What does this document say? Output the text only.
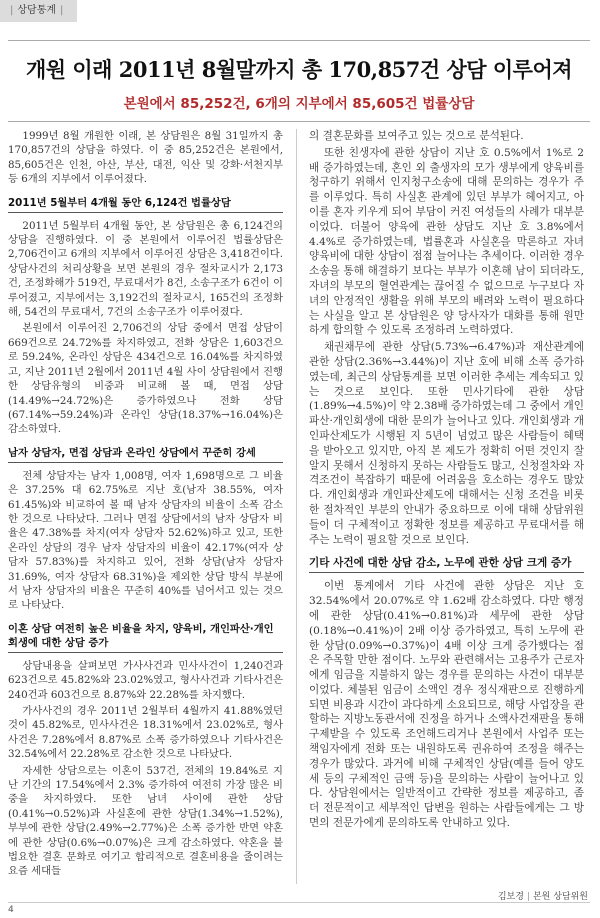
| 상담통계 |
개원 이래 2011년 8월말까지 총 170,857건 상담 이루어져
본원에서 85,252건, 6개의 지부에서 85,605건 법률상담

1999년 8월 개원한 이래, 본 상담원은 8월 31일까지 총 170,857건의 상담을 하였다. 이 중 85,252건은 본원에서, 85,605건은 인천, 아산, 부산, 대전, 익산 및 강화·서천지부 등 6개의 지부에서 이루어졌다.

2011년 5월부터 4개월 동안 6,124건 법률상담

2011년 5월부터 4개월 동안, 본 상담원은 총 6,124건의 상담을 진행하였다. 이 중 본원에서 이루어진 법률상담은 2,706건이고 6개의 지부에서 이루어진 상담은 3,418건이다. 상담사건의 처리상황을 보면 본원의 경우 절차교시가 2,173건, 조정화해가 519건, 무료대서가 8건, 소송구조가 6건이 이루어졌고, 지부에서는 3,192건의 절차교시, 165건의 조정화해, 54건의 무료대서, 7건의 소송구조가 이루어졌다.

본원에서 이루어진 2,706건의 상담 중에서 면접 상담이 669건으로 24.72%를 차지하였고, 전화 상담은 1,603건으로 59.24%, 온라인 상담은 434건으로 16.04%를 차지하였고, 지난 2011년 2월에서 2011년 4월 사이 상담원에서 진행한 상담유형의 비중과 비교해 볼 때, 면접 상담(14.49%→24.72%)은 증가하였으나 전화 상담(67.14%→59.24%)과 온라인 상담(18.37%→16.04%)은 감소하였다.

남자 상담자, 면접 상담과 온라인 상담에서 꾸준히 강세

전체 상담자는 남자 1,008명, 여자 1,698명으로 그 비율은 37.25% 대 62.75%로 지난 호(남자 38.55%, 여자 61.45%)와 비교하여 볼 때 남자 상담자의 비율이 소폭 감소한 것으로 나타났다. 그러나 면접 상담에서의 남자 상담자 비율은 47.38%를 차지(여자 상담자 52.62%)하고 있고, 또한 온라인 상담의 경우 남자 상담자의 비율이 42.17%(여자 상담자 57.83%)를 차지하고 있어, 전화 상담(남자 상담자 31.69%, 여자 상담자 68.31%)을 제외한 상담 방식 부분에서 남자 상담자의 비율은 꾸준히 40%를 넘어서고 있는 것으로 나타났다.

이혼 상담 여전히 높은 비율을 차지, 양육비, 개인파산·개인회생에 대한 상담 증가

상담내용을 살펴보면 가사사건과 민사사건이 1,240건과 623건으로 45.82%와 23.02%였고, 형사사건과 기타사건은 240건과 603건으로 8.87%와 22.28%를 차지했다.

가사사건의 경우 2011년 2월부터 4월까지 41.88%였던 것이 45.82%로, 민사사건은 18.31%에서 23.02%로, 형사사건은 7.28%에서 8.87%로 소폭 증가하였으나 기타사건은 32.54%에서 22.28%로 감소한 것으로 나타났다.

자세한 상담으로는 이혼이 537건, 전체의 19.84%로 지난 기간의 17.54%에서 2.3% 증가하여 여전히 가장 많은 비중을 차지하였다. 또한 남녀 사이에 관한 상담(0.41%→0.52%)과 사실혼에 관한 상담(1.34%→1.52%), 부부에 관한 상담(2.49%→2.77%)은 소폭 증가한 반면 약혼에 관한 상담(0.6%→0.07%)은 크게 감소하였다. 약혼을 불법요한 결혼 문화로 여기고 합리적으로 결혼비용을 줄이려는 요즘 세대들

의 결혼문화를 보여주고 있는 것으로 분석된다.

또한 친생자에 관한 상담이 지난 호 0.5%에서 1%로 2배 증가하였는데, 혼인 외 출생자의 모가 생부에게 양육비를 청구하기 위해서 인지청구소송에 대해 문의하는 경우가 주를 이루었다. 특히 사실혼 관계에 있던 부부가 헤어지고, 아이를 혼자 키우게 되어 부담이 커진 여성들의 사례가 대부분이었다. 더불어 양육에 관한 상담도 지난 호 3.8%에서 4.4%로 증가하였는데, 법률혼과 사실혼을 막론하고 자녀 양육비에 대한 상담이 점점 늘어나는 추세이다. 이러한 경우 소송을 통해 해결하기 보다는 부부가 이혼해 남이 되더라도, 자녀의 부모의 혈연관계는 끊어질 수 없으므로 누구보다 자녀의 안정적인 생활을 위해 부모의 배려와 노력이 필요하다는 사실을 알고 본 상담원은 양 당사자가 대화를 통해 원만하게 합의할 수 있도록 조정하려 노력하였다.

채권채무에 관한 상담(5.73%→6.47%)과 재산관계에 관한 상담(2.36%→3.44%)이 지난 호에 비해 소폭 증가하였는데, 최근의 상담통계를 보면 이러한 추세는 계속되고 있는 것으로 보인다. 또한 민사기타에 관한 상담(1.89%→4.5%)이 약 2.38배 증가하였는데 그 중에서 개인파산·개인회생에 대한 문의가 늘어나고 있다. 개인회생과 개인파산제도가 시행된 지 5년이 넘었고 많은 사람들이 혜택을 받아오고 있지만, 아직 본 제도가 정확히 어떤 것인지 잘 알지 못해서 신청하지 못하는 사람들도 많고, 신청절차와 자격조건이 복잡하기 때문에 어려움을 호소하는 경우도 많았다. 개인회생과 개인파산제도에 대해서는 신청 조건을 비롯한 절차적인 부분의 안내가 중요하므로 이에 대해 상담위원들이 더 구체적이고 정확한 정보를 제공하고 무료대서를 해주는 노력이 필요할 것으로 보인다.

기타 사건에 대한 상담 감소, 노무에 관한 상담 크게 증가

이번 통계에서 기타 사건에 관한 상담은 지난 호 32.54%에서 20.07%로 약 1.62배 감소하였다. 다만 행정에 관한 상담(0.41%→0.81%)과 세무에 관한 상담(0.18%→0.41%)이 2배 이상 증가하였고, 특히 노무에 관한 상담(0.09%→0.37%)이 4배 이상 크게 증가했다는 점은 주목할 만한 점이다. 노무와 관련해서는 고용주가 근로자에게 임금을 지불하지 않는 경우를 문의하는 사건이 대부분이었다. 체불된 임금이 소액인 경우 정식재판으로 진행하게 되면 비용과 시간이 과다하게 소요되므로, 해당 사업장을 관할하는 지방노동관서에 진정을 하거나 소액사건재판을 통해 구제받을 수 있도록 조언해드리거나 본원에서 사업주 또는 책임자에게 전화 또는 내원하도록 권유하여 조정을 해주는 경우가 많았다. 과거에 비해 구체적인 상담(예를 들어 양도세 등의 구체적인 금액 등)을 문의하는 사람이 늘어나고 있다. 상담원에서는 일반적이고 간략한 정보를 제공하고, 좀 더 전문적이고 세부적인 답변을 원하는 사람들에게는 그 방면의 전문가에게 문의하도록 안내하고 있다.

김보경 | 본원 상담위원
4
